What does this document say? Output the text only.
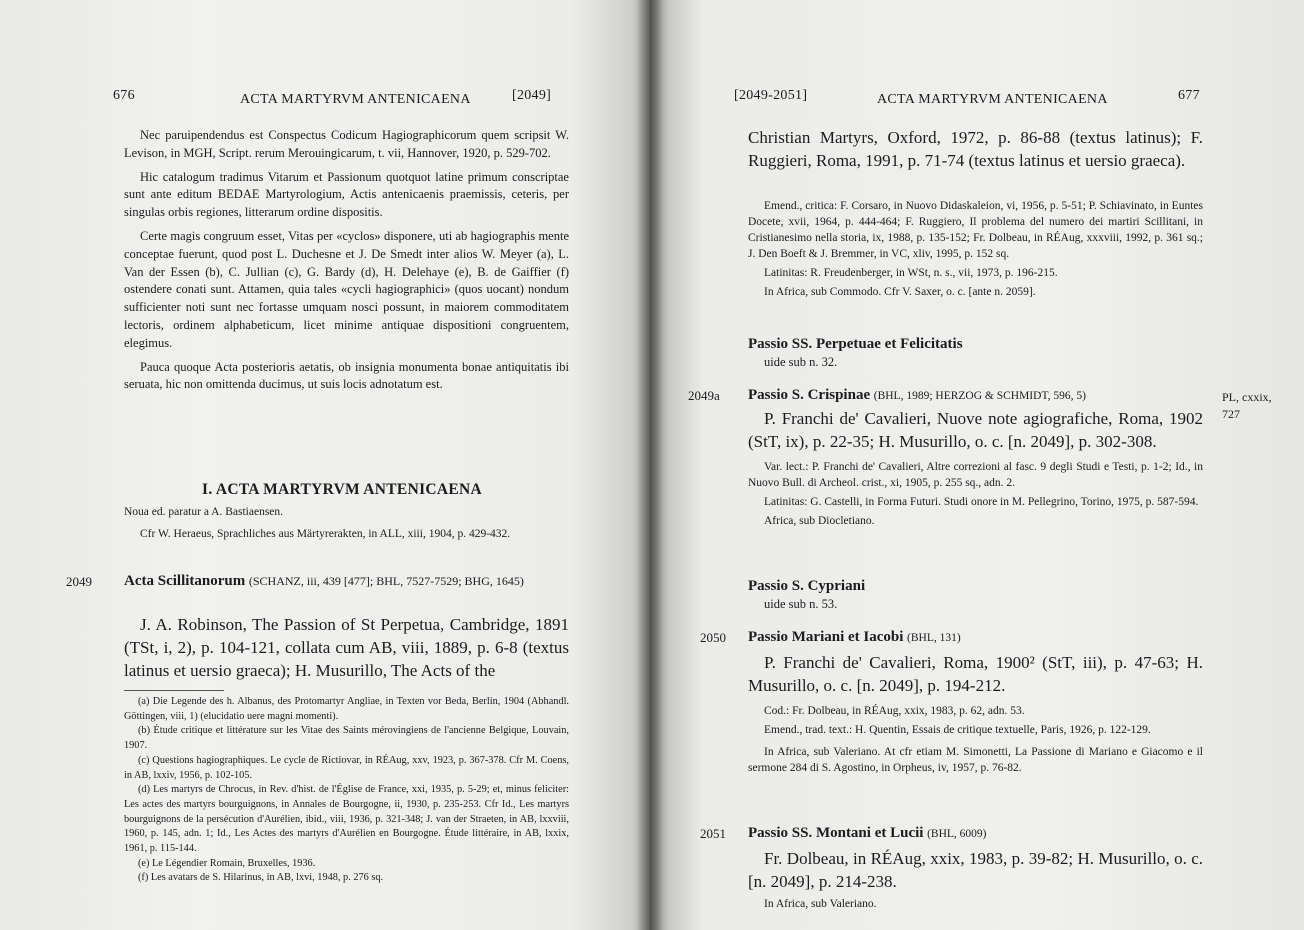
676	ACTA MARTYRVM ANTENICAENA	[2049]

Nec paruipendendus est Conspectus Codicum Hagiographicorum quem scripsit W. Levison, in MGH, Script. rerum Merouingicarum, t. vii, Hannover, 1920, p. 529-702.

Hic catalogum tradimus Vitarum et Passionum quotquot latine primum conscriptae sunt ante editum BEDAE Martyrologium, Actis antenicaenis praemissis, ceteris, per singulas orbis regiones, litterarum ordine dispositis.

Certe magis congruum esset, Vitas per «cyclos» disponere, uti ab hagiographis mente conceptae fuerunt, quod post L. Duchesne et J. De Smedt inter alios W. Meyer (a), L. Van der Essen (b), C. Jullian (c), G. Bardy (d), H. Delehaye (e), B. de Gaiffier (f) ostendere conati sunt. Attamen, quia tales «cycli hagiographici» (quos uocant) nondum sufficienter noti sunt nec fortasse umquam nosci possunt, in maiorem commoditatem lectoris, ordinem alphabeticum, licet minime antiquae dispositioni congruentem, elegimus.

Pauca quoque Acta posterioris aetatis, ob insignia monumenta bonae antiquitatis ibi seruata, hic non omittenda ducimus, ut suis locis adnotatum est.

I. ACTA MARTYRVM ANTENICAENA

Noua ed. paratur a A. Bastiaensen.

Cfr W. Heraeus, Sprachliches aus Märtyrerakten, in ALL, xiii, 1904, p. 429-432.

2049 Acta Scillitanorum (SCHANZ, iii, 439 [477]; BHL, 7527-7529; BHG, 1645)

J. A. Robinson, The Passion of St Perpetua, Cambridge, 1891 (TSt, i, 2), p. 104-121, collata cum AB, viii, 1889, p. 6-8 (textus latinus et uersio graeca); H. Musurillo, The Acts of the

(a) Die Legende des h. Albanus, des Protomartyr Angliae, in Texten vor Beda, Berlin, 1904 (Abhandl. Göttingen, viii, 1) (elucidatio uere magni momenti).

(b) Étude critique et littérature sur les Vitae des Saints mérovingiens de l'ancienne Belgique, Louvain, 1907.

(c) Questions hagiographiques. Le cycle de Rictiovar, in RÉAug, xxv, 1923, p. 367-378. Cfr M. Coens, in AB, lxxiv, 1956, p. 102-105.

(d) Les martyrs de Chrocus, in Rev. d'hist. de l'Église de France, xxi, 1935, p. 5-29; et, minus feliciter: Les actes des martyrs bourguignons, in Annales de Bourgogne, ii, 1930, p. 235-253. Cfr Id., Les martyrs bourguignons de la persécution d'Aurélien, ibid., viii, 1936, p. 321-348; J. van der Straeten, in AB, lxxviii, 1960, p. 145, adn. 1; Id., Les Actes des martyrs d'Aurélien en Bourgogne. Étude littéraire, in AB, lxxix, 1961, p. 115-144.

(e) Le Légendier Romain, Bruxelles, 1936.

(f) Les avatars de S. Hilarinus, in AB, lxvi, 1948, p. 276 sq.

[2049-2051]	ACTA MARTYRVM ANTENICAENA	677

Christian Martyrs, Oxford, 1972, p. 86-88 (textus latinus); F. Ruggieri, Roma, 1991, p. 71-74 (textus latinus et uersio graeca).

Emend., critica: F. Corsaro, in Nuovo Didaskaleion, vi, 1956, p. 5-51; P. Schiavinato, in Euntes Docete, xvii, 1964, p. 444-464; F. Ruggiero, Il problema del numero dei martiri Scillitani, in Cristianesimo nella storia, ix, 1988, p. 135-152; Fr. Dolbeau, in RÉAug, xxxviii, 1992, p. 361 sq.; J. Den Boeft & J. Bremmer, in VC, xliv, 1995, p. 152 sq.

Latinitas: R. Freudenberger, in WSt, n. s., vii, 1973, p. 196-215.

In Africa, sub Commodo. Cfr V. Saxer, o. c. [ante n. 2059].

Passio SS. Perpetuae et Felicitatis

uide sub n. 32.

2049a Passio S. Crispinae (BHL, 1989; HERZOG & SCHMIDT, 596, 5)	PL, cxxix, 727

P. Franchi de' Cavalieri, Nuove note agiografiche, Roma, 1902 (StT, ix), p. 22-35; H. Musurillo, o. c. [n. 2049], p. 302-308.

Var. lect.: P. Franchi de' Cavalieri, Altre correzioni al fasc. 9 degli Studi e Testi, p. 1-2; Id., in Nuovo Bull. di Archeol. crist., xi, 1905, p. 255 sq., adn. 2.

Latinitas: G. Castelli, in Forma Futuri. Studi onore in M. Pellegrino, Torino, 1975, p. 587-594.

Africa, sub Diocletiano.

Passio S. Cypriani

uide sub n. 53.

2050 Passio Mariani et Iacobi (BHL, 131)

P. Franchi de' Cavalieri, Roma, 1900² (StT, iii), p. 47-63; H. Musurillo, o. c. [n. 2049], p. 194-212.

Cod.: Fr. Dolbeau, in RÉAug, xxix, 1983, p. 62, adn. 53.

Emend., trad. text.: H. Quentin, Essais de critique textuelle, Paris, 1926, p. 122-129.

In Africa, sub Valeriano. At cfr etiam M. Simonetti, La Passione di Mariano e Giacomo e il sermone 284 di S. Agostino, in Orpheus, iv, 1957, p. 76-82.

2051 Passio SS. Montani et Lucii (BHL, 6009)

Fr. Dolbeau, in RÉAug, xxix, 1983, p. 39-82; H. Musurillo, o. c. [n. 2049], p. 214-238.

In Africa, sub Valeriano.
